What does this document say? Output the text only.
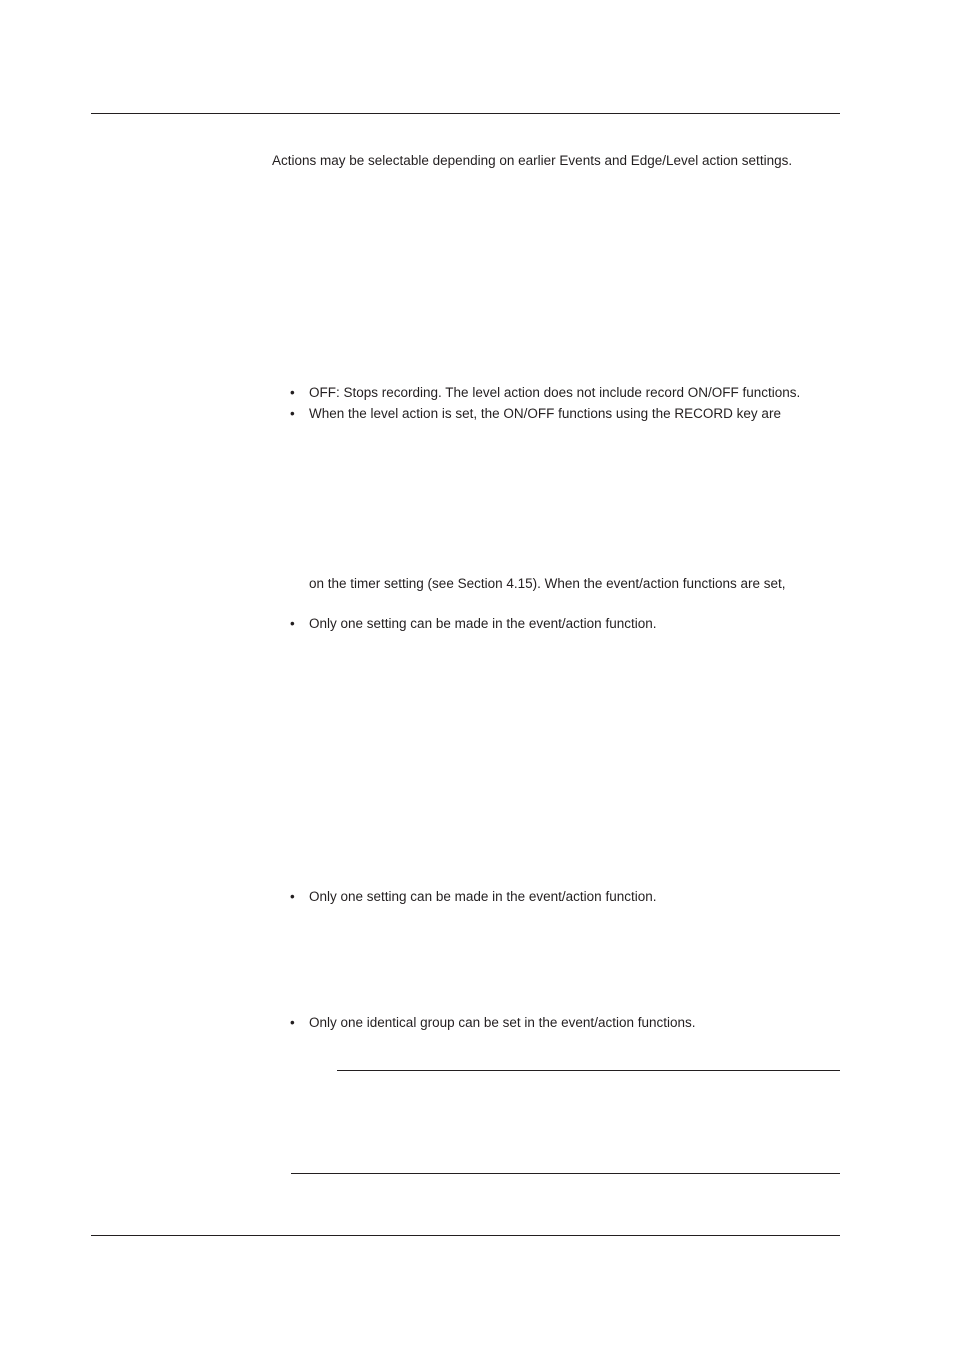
Actions may be selectable depending on earlier Events and Edge/Level action settings.
•	OFF: Stops recording. The level action does not include record ON/OFF functions.
•	When the level action is set, the ON/OFF functions using the RECORD key are
on the timer setting (see Section 4.15). When the event/action functions are set,
•	Only one setting can be made in the event/action function.
•	Only one setting can be made in the event/action function.
•	Only one identical group can be set in the event/action functions.
